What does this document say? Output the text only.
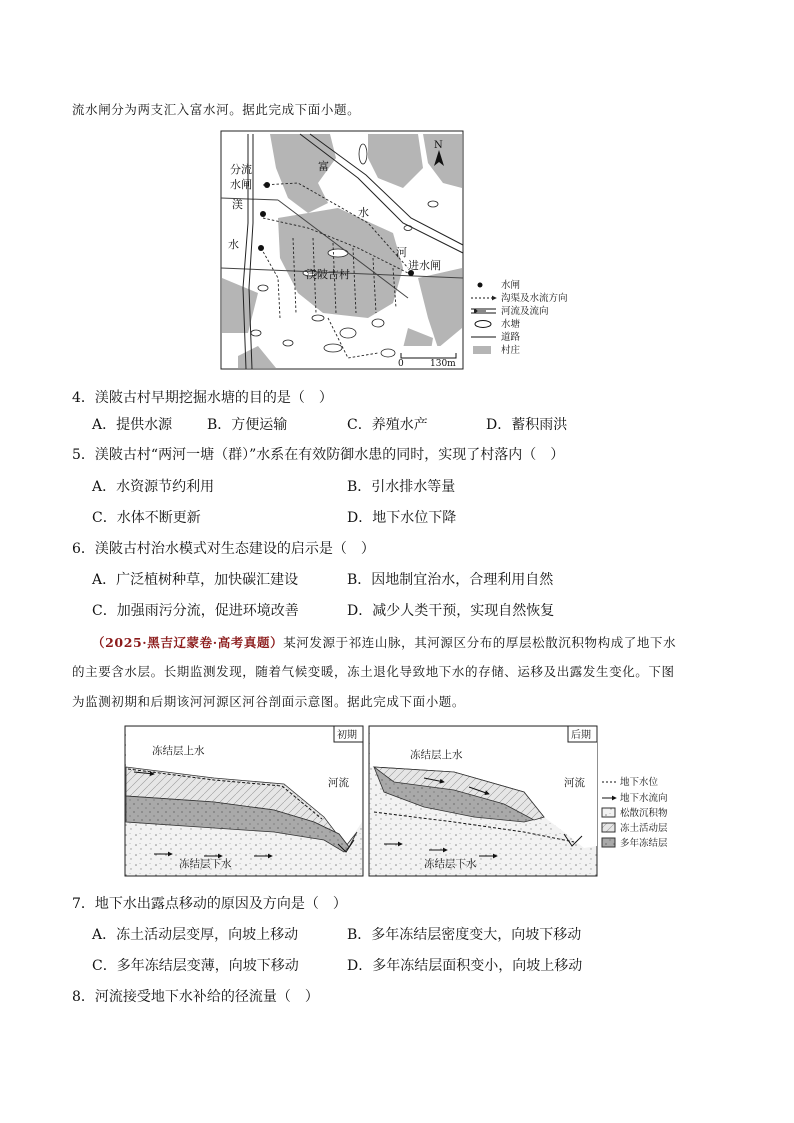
流水闸分为两支汇入富水河。据此完成下面小题。
N
分流
水闸
渼
水
富
水
河
渼陂古村
进水闸
0	130m
水闸
沟渠及水流方向
河流及流向
水塘
道路
村庄
4．渼陂古村早期挖掘水塘的目的是（　）
A．提供水源 B．方便运输	C．养殖水产	D．蓄积雨洪
5．渼陂古村“两河一塘（群）”水系在有效防御水患的同时，实现了村落内（　）
A．水资源节约利用	B．引水排水等量
C．水体不断更新	D．地下水位下降
6．渼陂古村治水模式对生态建设的启示是（　）
A．广泛植树种草，加快碳汇建设	B．因地制宜治水，合理利用自然
C．加强雨污分流，促进环境改善	D．减少人类干预，实现自然恢复
（2025·黑吉辽蒙卷·高考真题）某河发源于祁连山脉，其河源区分布的厚层松散沉积物构成了地下水
的主要含水层。长期监测发现，随着气候变暖，冻土退化导致地下水的存储、运移及出露发生变化。下图
为监测初期和后期该河河源区河谷剖面示意图。据此完成下面小题。
初期
冻结层上水
河流
冻结层下水
后期
冻结层上水
河流
冻结层下水
地下水位
地下水流向
松散沉积物
冻土活动层
多年冻结层
7．地下水出露点移动的原因及方向是（　）
A．冻土活动层变厚，向坡上移动	B．多年冻结层密度变大，向坡下移动
C．多年冻结层变薄，向坡下移动	D．多年冻结层面积变小，向坡上移动
8．河流接受地下水补给的径流量（　）
